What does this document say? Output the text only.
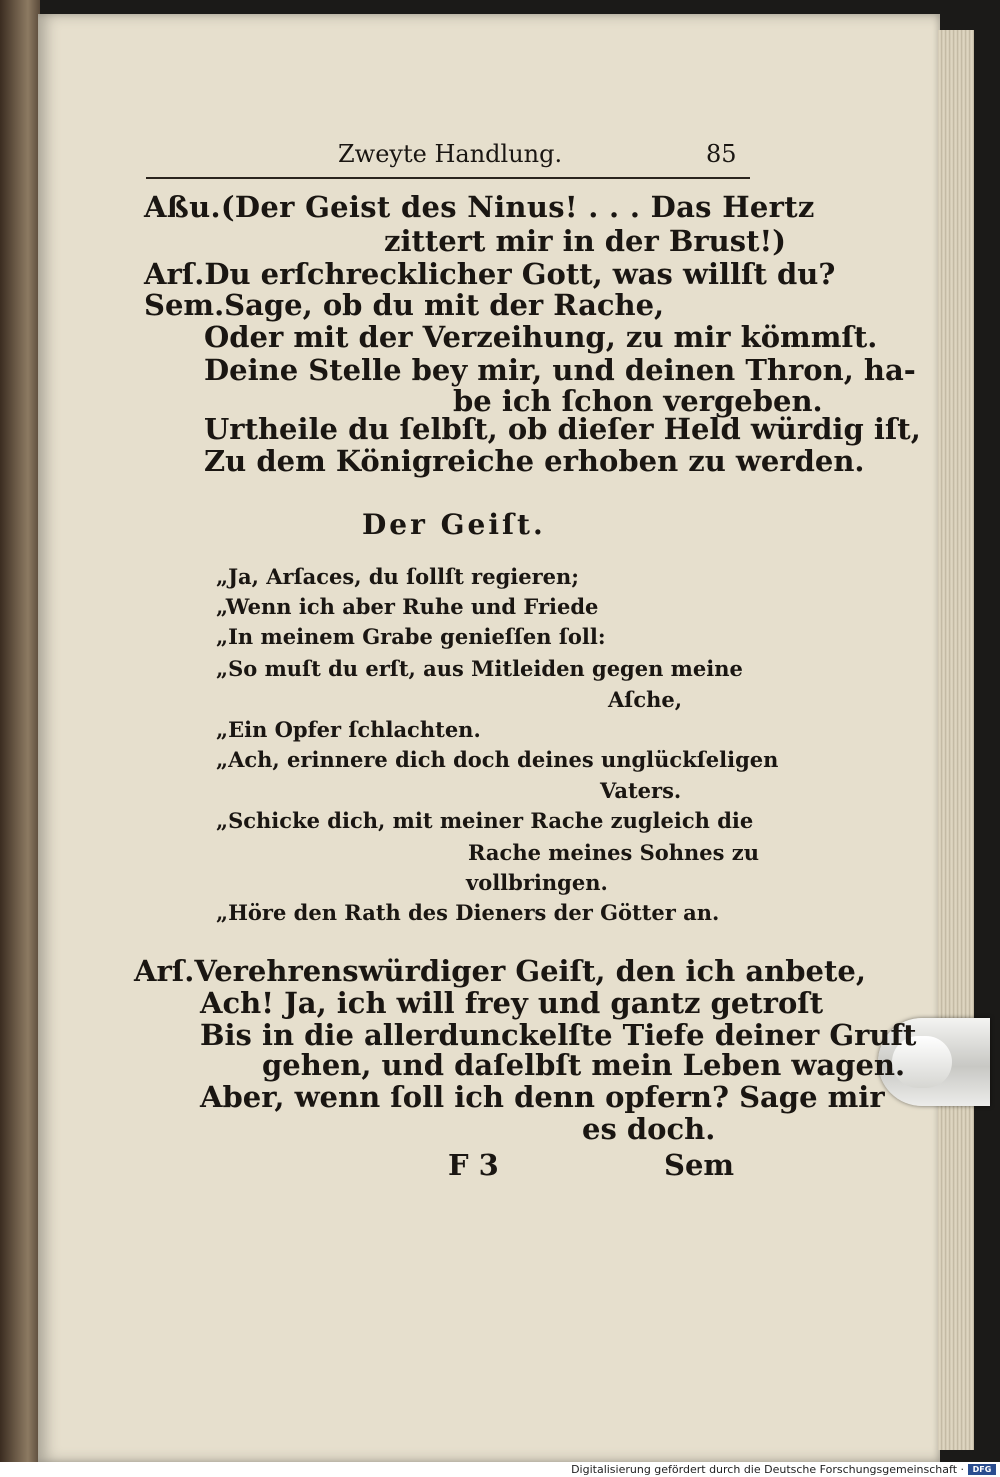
Zweyte Handlung.	85
Aßu.(Der Geist des Ninus! . . . Das Hertz
zittert mir in der Brust!)
Arſ.Du erſchrecklicher Gott, was willſt du?
Sem.Sage, ob du mit der Rache,
Oder mit der Verzeihung, zu mir kömmſt.
Deine Stelle bey mir, und deinen Thron, ha-
be ich ſchon vergeben.
Urtheile du ſelbſt, ob dieſer Held würdig iſt,
Zu dem Königreiche erhoben zu werden.
Der Geiſt.
„Ja, Arſaces, du ſollſt regieren;
„Wenn ich aber Ruhe und Friede
„In meinem Grabe genieſſen ſoll:
„So muſt du erſt, aus Mitleiden gegen meine
Aſche,
„Ein Opfer ſchlachten.
„Ach, erinnere dich doch deines unglückſeligen
Vaters.
„Schicke dich, mit meiner Rache zugleich die
Rache meines Sohnes zu
vollbringen.
„Höre den Rath des Dieners der Götter an.
Arſ.Verehrenswürdiger Geiſt, den ich anbete,
Ach! Ja, ich will frey und gantz getroſt
Bis in die allerdunckelſte Tiefe deiner Gruft
gehen, und daſelbſt mein Leben wagen.
Aber, wenn ſoll ich denn opfern? Sage mir
es doch.
F 3	Sem
Digitalisierung gefördert durch die Deutsche Forschungsgemeinschaft ·	DFG
